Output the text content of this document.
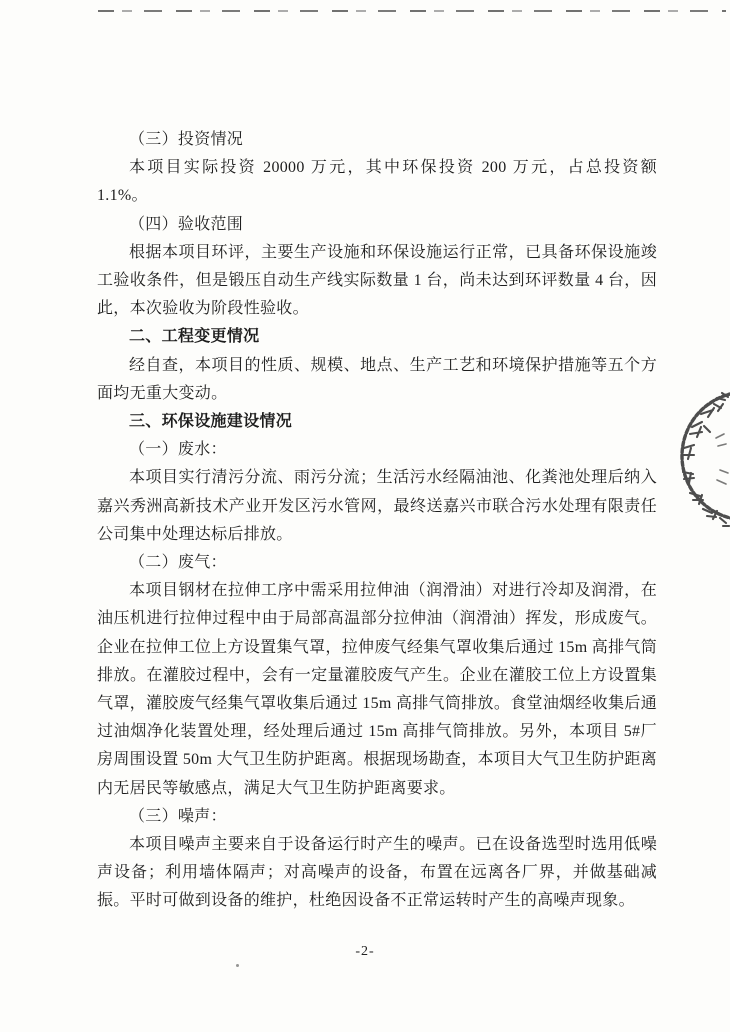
（三）投资情况

本项目实际投资 20000 万元，其中环保投资 200 万元，占总投资额 1.1%。

（四）验收范围

根据本项目环评，主要生产设施和环保设施运行正常，已具备环保设施竣工验收条件，但是锻压自动生产线实际数量 1 台，尚未达到环评数量 4 台，因此，本次验收为阶段性验收。

二、工程变更情况

经自查，本项目的性质、规模、地点、生产工艺和环境保护措施等五个方面均无重大变动。

三、环保设施建设情况

（一）废水：

本项目实行清污分流、雨污分流；生活污水经隔油池、化粪池处理后纳入嘉兴秀洲高新技术产业开发区污水管网，最终送嘉兴市联合污水处理有限责任公司集中处理达标后排放。

（二）废气：

本项目钢材在拉伸工序中需采用拉伸油（润滑油）对进行冷却及润滑，在油压机进行拉伸过程中由于局部高温部分拉伸油（润滑油）挥发，形成废气。企业在拉伸工位上方设置集气罩，拉伸废气经集气罩收集后通过 15m 高排气筒排放。在灌胶过程中，会有一定量灌胶废气产生。企业在灌胶工位上方设置集气罩，灌胶废气经集气罩收集后通过 15m 高排气筒排放。食堂油烟经收集后通过油烟净化装置处理，经处理后通过 15m 高排气筒排放。另外，本项目 5#厂房周围设置 50m 大气卫生防护距离。根据现场勘查，本项目大气卫生防护距离内无居民等敏感点，满足大气卫生防护距离要求。

（三）噪声：

本项目噪声主要来自于设备运行时产生的噪声。已在设备选型时选用低噪声设备；利用墙体隔声；对高噪声的设备，布置在远离各厂界，并做基础减振。平时可做到设备的维护，杜绝因设备不正常运转时产生的高噪声现象。

-2-
